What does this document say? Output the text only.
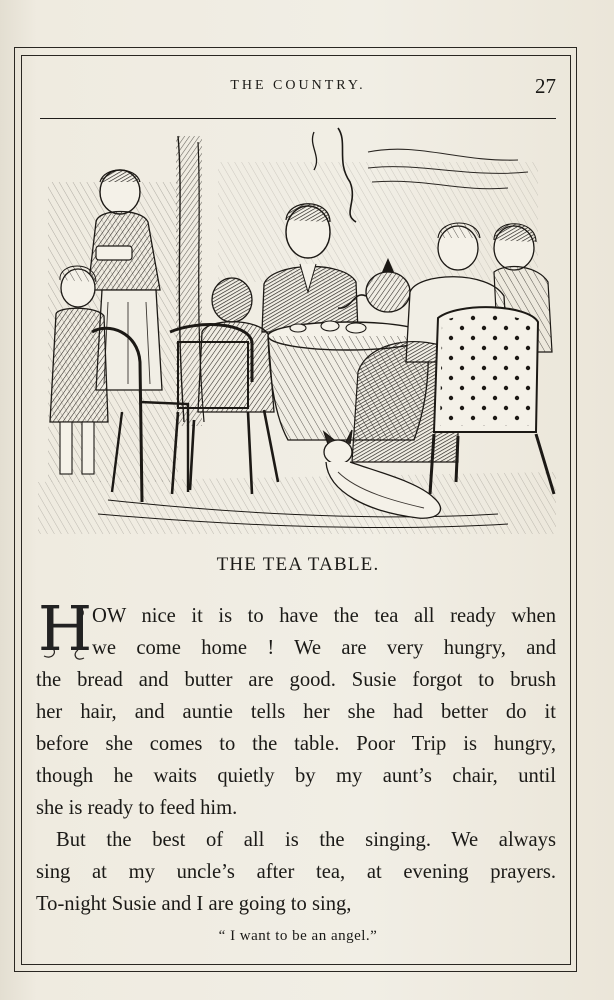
THE COUNTRY.	27
THE TEA TABLE.
H OW nice it is to have the tea all ready when
we come home ! We are very hungry, and
the bread and butter are good. Susie forgot to brush
her hair, and auntie tells her she had better do it
before she comes to the table. Poor Trip is hungry,
though he waits quietly by my aunt’s chair, until
she is ready to feed him.
But the best of all is the singing. We always
sing at my uncle’s after tea, at evening prayers.
To-night Susie and I are going to sing,
“ I want to be an angel.”
